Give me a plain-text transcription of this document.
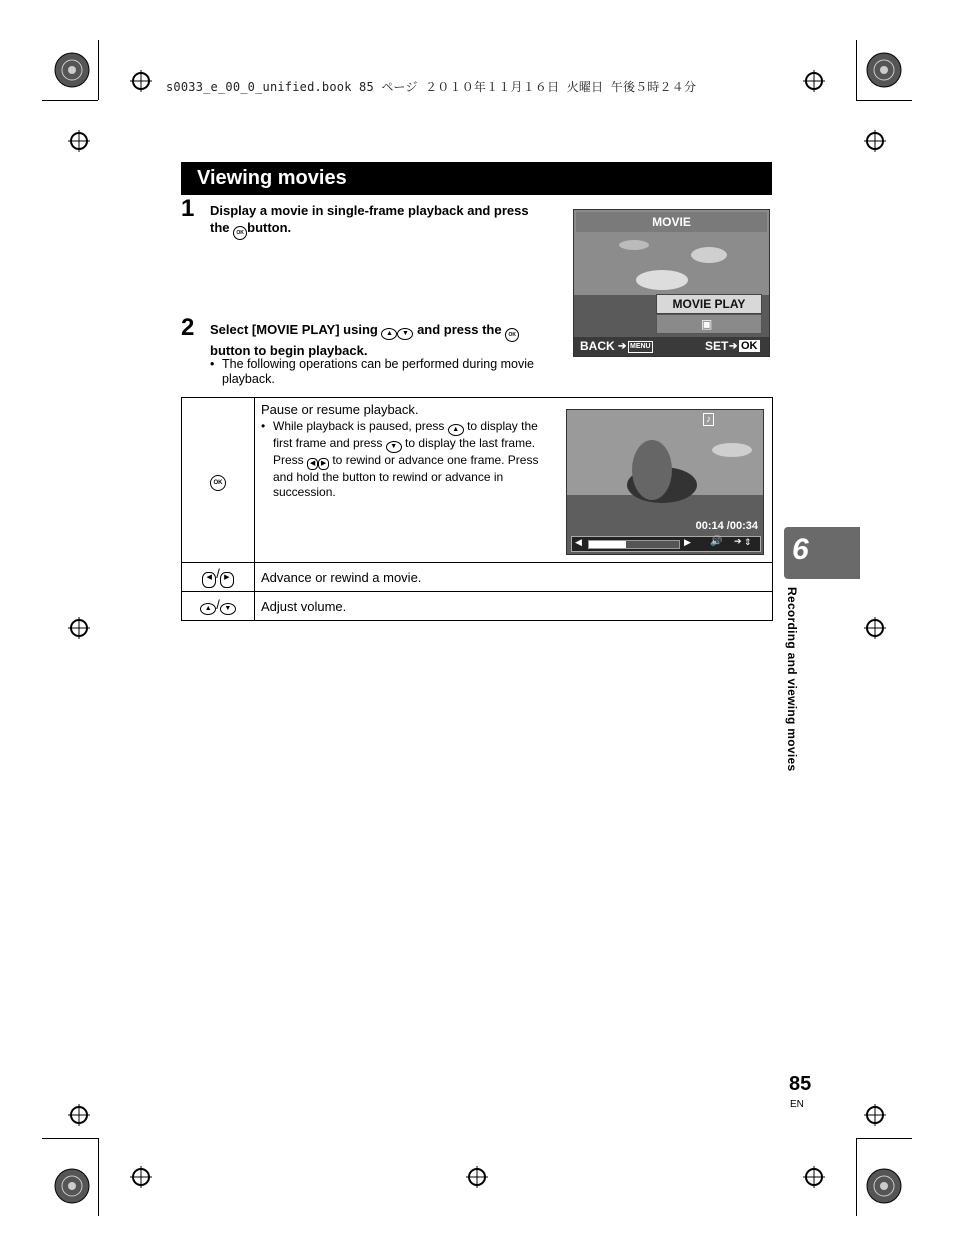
s0033_e_00_0_unified.book 85 ページ ２０１０年１１月１６日 火曜日 午後５時２４分
Viewing movies
1 Display a movie in single-frame playback and press the OK button.
2 Select [MOVIE PLAY] using ▲ ▼ and press the OK button to begin playback.
• The following operations can be performed during movie playback.
MOVIE
MOVIE PLAY
▣
BACK ➔ MENU	SET ➔ OK
OK	Pause or resume playback.
• While playback is paused, press ▲ to display the first frame and press ▼ to display the last frame. Press ◀ ▶ to rewind or advance one frame. Press and hold the button to rewind or advance in succession.

◀ / ▶	Advance or rewind a movie.
▲ / ▼	Adjust volume.
♪
00:14 /00:34
◀	▶ 🔊 ➔ ⇕ 6
Recording and viewing movies
85
EN
